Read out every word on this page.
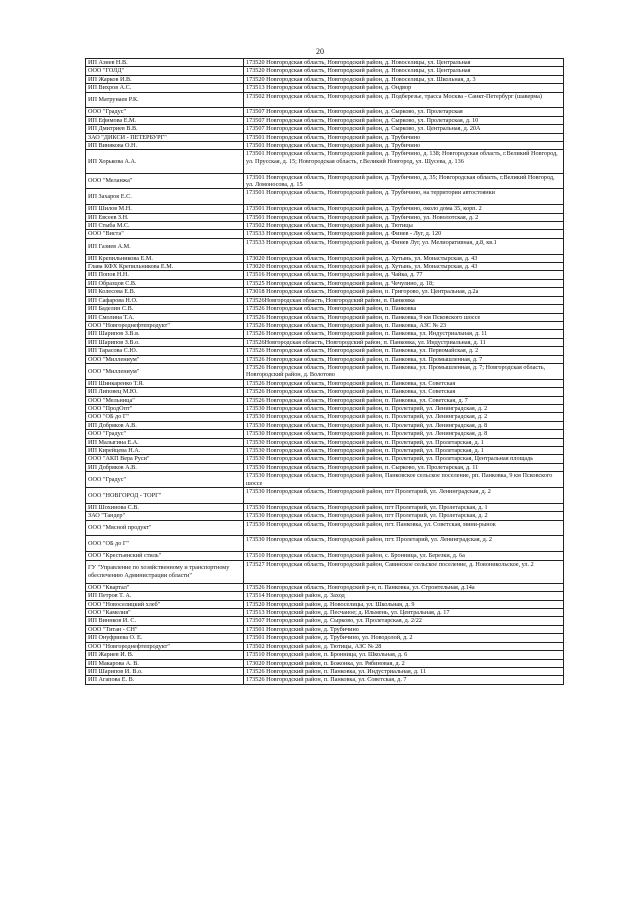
20
ИП Азиев Н.В.	173520 Новгородская область, Новгородский район, д. Новоселицы, ул. Центральная
ООО "ГОЛД"	173520 Новгородская область, Новгородский район, д. Новоселицы, ул. Центральная
ИП Жарков И.В.	173520 Новгородская область, Новгородский район, д. Новоселицы, ул. Школьная, д. 3
ИП Вихров А.С.	173513 Новгородская область, Новгородский район, д. Ондвор
ИП Матрунаев Р.К.	173502 Новгородская область, Новгородский район, д. Подберезье, трасса Москва - Санкт-Петербург (шаверма)
ООО "Градус"	173507 Новгородская область, Новгородский район, д. Сырково, ул. Пролетарская
ИП Ефимова Е.М.	173507 Новгородская область, Новгородский район, д. Сырково, ул. Пролетарская, д. 10
ИП Дмитриев В.В.	173507 Новгородская область, Новгородский район, д. Сырково, ул. Центральная, д. 20А
ЗАО "ДИКСИ - ПЕТЕРБУРГ"	173501 Новгородская область, Новгородский район, д. Трубичино
ИП Винякова О.Н.	173501 Новгородская область, Новгородский район, д. Трубичино
ИП Хорькова А.А.	173501 Новгородская область, Новгородский район, д. Трубичино, д. 138; Новгородская область, г.Великий Новгород, ул. Прусская, д. 15; Новгородская область, г.Великий Новгород, ул. Щусева, д. 136
ООО "Меланжа"	173501 Новгородская область, Новгородский район, д. Трубичино, д. 35; Новгородская область, г.Великий Новгород, ул. Ломоносова, д. 15
ИП Захаров Е.С.	173501 Новгородская область, Новгородский район, д. Трубичино, на территории автостоянки
ИП Шилов М.Н.	173501 Новгородская область, Новгородский район, д. Трубичино, около дома 35, корп. 2
ИП Евсеев З.Н.	173501 Новгородская область, Новгородский район, д. Трубичино, ул. Новолотская, д. 2
ИП Стыба М.С.	173502 Новгородская область, Новгородский район, д. Тютицы
ООО "Виста"	173533 Новгородская область, Новгородский район, д. Финев - Луг, д. 120
ИП Газиев А.М.	173533 Новгородская область, Новгородский район, д. Финев Луг, ул. Мелиоративная, д.8, кв.1
ИП Крепильникова Е.М.	173020 Новгородская область, Новгородский район, д. Хутынь, ул. Монастырская, д. 43
Глава КФХ Крепильникова Е.М.	173020 Новгородская область, Новгородский район, д. Хутынь, ул. Монастырская, д. 43
ИП Попов Н.Н.	173516 Новгородская область, Новгородский район, д. Чайка, д. 77
ИП Образцов С.В.	173525 Новгородская область, Новгородский район, д. Чечулино, д. 18;
ИП Колесова Е.В.	173018 Новгородская область, Новгородский район, п. Григорово, ул. Центральная, д.2а
ИП Сафарова Н.О.	173526Новгородская область, Новгородский район, п. Панковка
ИП Баделин С.В.	173526 Новгородская область, Новгородский район, п. Панковка
ИП Смолина Т.А.	173526 Новгородская область, Новгородский район, п. Панковка, 9 км Псковского шоссе
ООО "Новгороднефтепродукт"	173526 Новгородская область, Новгородский район, п. Панковка, АЗС № 23
ИП Шарипов З.В.в.	173526 Новгородская область, Новгородский район, п. Панковка, ул. Индустриальная, д. 11
ИП Шарипов З.В.о.	173526Новгородская область, Новгородский район, п. Панковка, ул. Индустриальная, д. 11
ИП Тарасова С.Ю.	173526 Новгородская область, Новгородский район, п. Панковка, ул. Первомайская, д. 2
ООО "Миллениум"	173526 Новгородская область, Новгородский район, п. Панковка, ул. Промышленная, д. 7
ООО "Миллениум"	173526 Новгородская область, Новгородский район, п. Панковка, ул. Промышленная, д. 7; Новгородская область, Новгородский район, д. Волотово
ИП Шинкаренко Т.Я.	173526 Новгородская область, Новгородский район, п. Панковка, ул. Советская
ИП Липовец М.Ю.	173526 Новгородская область, Новгородский район, п. Панковка, ул. Советская
ООО "Мельница"	173526 Новгородская область, Новгородский район, п. Панковка, ул. Советская, д. 7
ООО "ПродОпт"	173530 Новгородская область, Новгородский район, п. Пролетарий, ул. Ленинградская, д. 2
ООО "ОБ до Г"	173530 Новгородская область, Новгородский район, п. Пролетарий, ул. Ленинградская, д. 2
ИП Добряков А.В.	173530 Новгородская область, Новгородский район, п. Пролетарий, ул. Ленинградская, д. 8
ООО "Градус"	173530 Новгородская область, Новгородский район, п. Пролетарий, ул. Ленинградская, д. 8
ИП Малыгина Е.А.	173530 Новгородская область, Новгородский район, п. Пролетарий, ул. Пролетарская, д. 1
ИП Кирейцева Н.А.	173530 Новгородская область, Новгородский район, п. Пролетарий, ул. Пролетарская, д. 1
ООО "АКП Вера Руси"	173530 Новгородская область, Новгородский район, п. Пролетарий, ул. Пролетарская, Центральная площадь
ИП Добряков А.В.	173530 Новгородская область, Новгородский район, п. Сырково, ул. Пролетарская, д. 11
ООО "Градус"	173530 Новгородская область, Новгородский район, Панковское сельское поселение, рп. Панковка, 9 км Псковского шоссе
ООО "НОВГОРОД - ТОРГ"	173530 Новгородская область, Новгородский район, пгт Пролетарий, ул. Ленинградская, д. 2
ИП Шохинова С.В.	173530 Новгородская область, Новгородский район, пгт Пролетарий, ул. Пролетарская, д. 1
ЗАО "Тандер"	173530 Новгородская область, Новгородский район, пгт Пролетарий, ул. Пролетарская, д. 2
ООО "Мясной продукт"	173530 Новгородская область, Новгородский район, пгт. Панковка, ул. Советская, мини-рынок
ООО "ОБ до Г"	173530 Новгородская область, Новгородский район, пгт. Пролетарий, ул. Ленинградская, д. 2
ООО "Крестьянский стиль"	173510 Новгородская область, Новгородский район, с. Бронница, ул. Березки, д. 6а
ГУ "Управление по хозяйственному и транспортному обеспечению Администрации области"	173527 Новгородская область, Новгородский район, Савинское сельское поселение, д. Новоникольское, ул. 2
ООО "Квартал"	173526 Новгородская область, Новгородский р-н, п. Панковка, ул. Строительная, д.14а
ИП Петров Т. А.	173514 Новгородский район, д. Заход
ООО "Новоселицкий хлеб"	173520 Новгородский район, д. Новоселицы, ул. Школьная, д. 9
ООО "Камелия"	173513 Новгородский район, д. Песчаное; д. Ильмень, ул. Центральная, д. 17
ИП Виннков И. С.	173507 Новгородский район, д. Сырково, ул. Пролетарская, д. 2/22
ООО "Титан - СН"	173501 Новгородский район, д. Трубичино
ИП Онуфриева О. Е.	173501 Новгородский район, д. Трубичино, ул. Новодолой, д. 2
ООО "Новгороднефтепродукт"	173502 Новгородский район, д. Тютицы, АЗС № 28
ИП Жариев И. В.	173510 Новгородский район, п. Бронница, ул. Школьная, д. 6
ИП Макарова А. В.	173020 Новгородский район, п. Божонка, ул. Рябиновая, д. 2
ИП Шарипов И. В.о.	173526 Новгородский район, п. Панковка, ул. Индустриальная, д. 11
ИП Агапова Е. В.	173526 Новгородский район, п. Панковка, ул. Советская, д. 7
